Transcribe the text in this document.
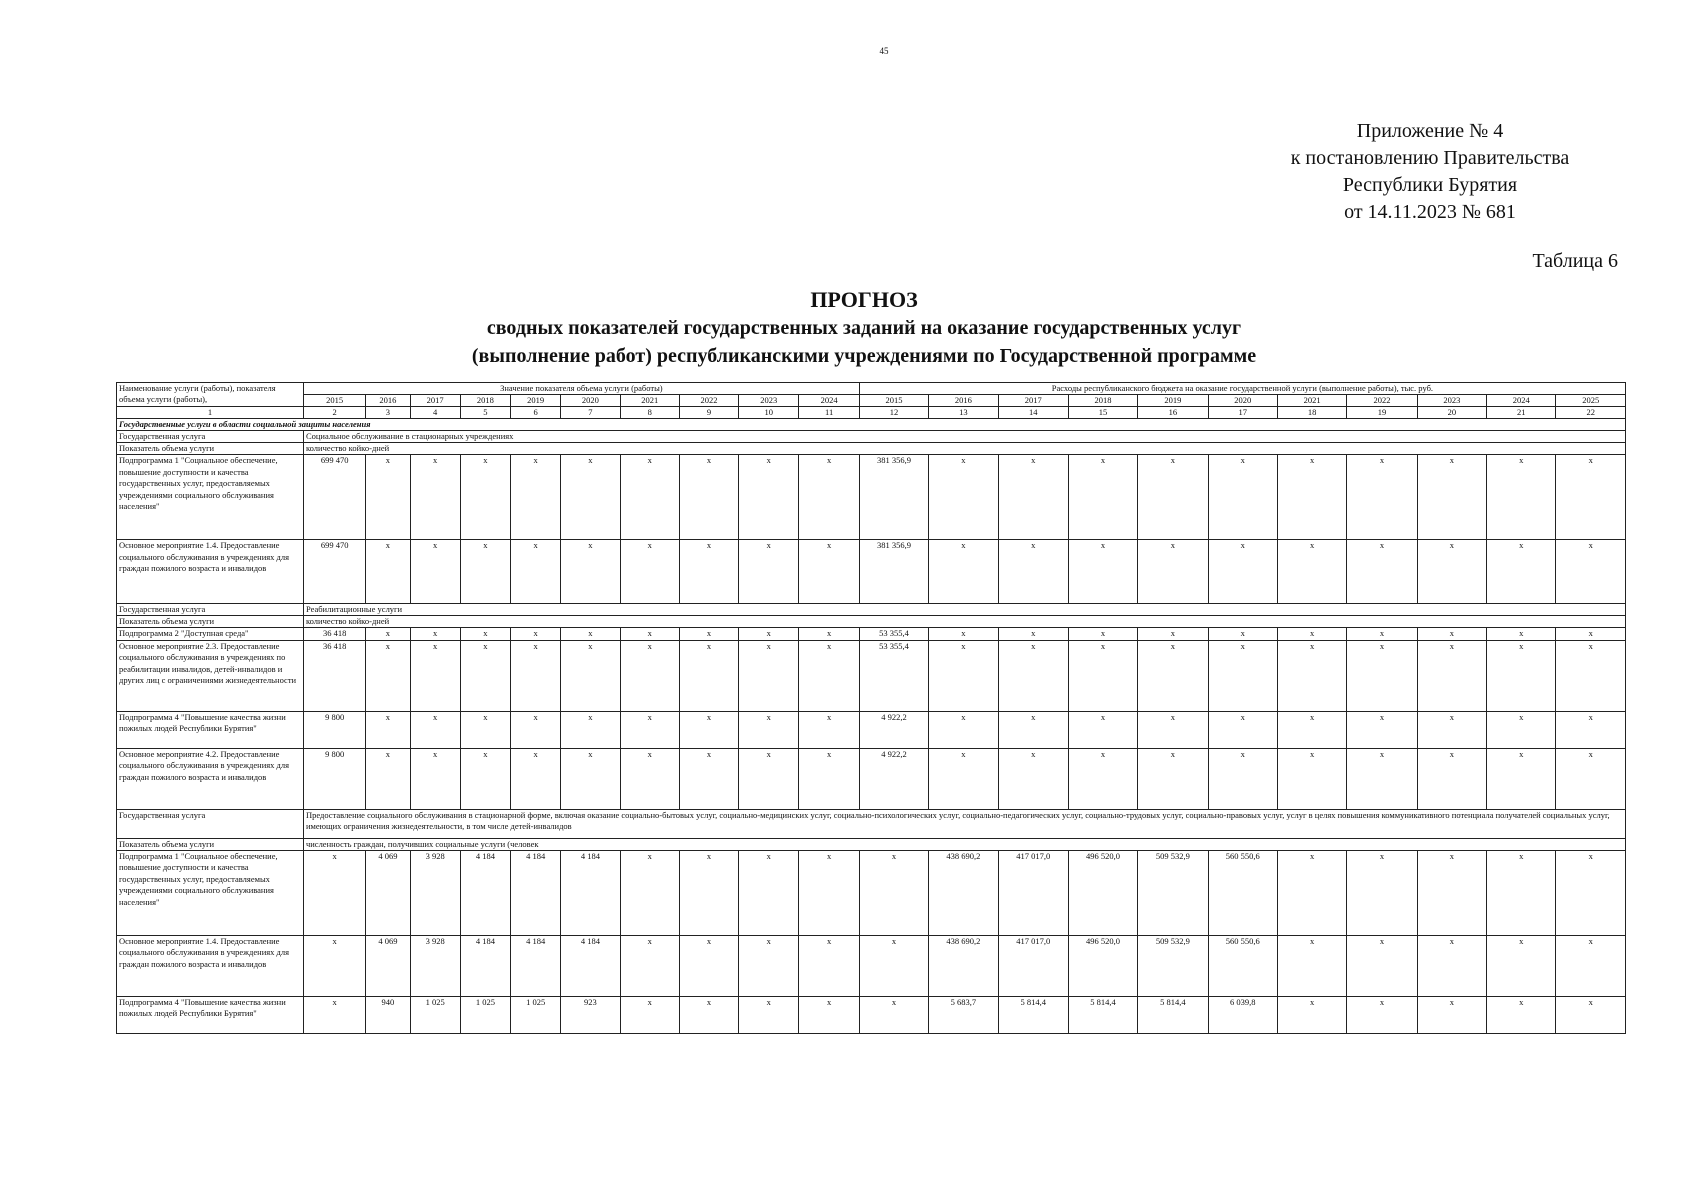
45
Приложение № 4
к постановлению Правительства
Республики Бурятия
от 14.11.2023 № 681
Таблица 6
ПРОГНОЗ
сводных показателей государственных заданий на оказание государственных услуг
(выполнение работ) республиканскими учреждениями по Государственной программе
Наименование услуги (работы), показателя объема услуги (работы),	Значение показателя объема услуги (работы)										Расходы республиканского бюджета на оказание государственной услуги (выполнение работы), тыс. руб.										
	2015	2016	2017	2018	2019	2020	2021	2022	2023	2024	2015	2016	2017	2018	2019	2020	2021	2022	2023	2024	2025
1	2	3	4	5	6	7	8	9	10	11	12	13	14	15	16	17	18	19	20	21	22
Государственные услуги в области социальной защиты населения																					
Государственная услуга	Социальное обслуживание в стационарных учреждениях																				
Показатель объема услуги	количество койко-дней																				
Подпрограмма 1 "Социальное обеспечение, повышение доступности и качества государственных услуг, предоставляемых учреждениями социального обслуживания населения"	699 470	x	x	x	x	x	x	x	x	x	381 356,9	x	x	x	x	x	x	x	x	x	x
Основное мероприятие 1.4. Предоставление социального обслуживания в учреждениях для граждан пожилого возраста и инвалидов	699 470	x	x	x	x	x	x	x	x	x	381 356,9	x	x	x	x	x	x	x	x	x	x
Государственная услуга	Реабилитационные услуги																				
Показатель объема услуги	количество койко-дней																				
Подпрограмма 2 "Доступная среда"	36 418	x	x	x	x	x	x	x	x	x	53 355,4	x	x	x	x	x	x	x	x	x	x
Основное мероприятие 2.3. Предоставление социального обслуживания в учреждениях по реабилитации инвалидов, детей-инвалидов и других лиц с ограничениями жизнедеятельности	36 418	x	x	x	x	x	x	x	x	x	53 355,4	x	x	x	x	x	x	x	x	x	x
Подпрограмма 4 "Повышение качества жизни пожилых людей Республики Бурятия"	9 800	x	x	x	x	x	x	x	x	x	4 922,2	x	x	x	x	x	x	x	x	x	x
Основное мероприятие 4.2. Предоставление социального обслуживания в учреждениях для граждан пожилого возраста и инвалидов	9 800	x	x	x	x	x	x	x	x	x	4 922,2	x	x	x	x	x	x	x	x	x	x
Государственная услуга	Предоставление социального обслуживания в стационарной форме, включая оказание социально-бытовых услуг, социально-медицинских услуг, социально-психологических услуг, социально-педагогических услуг, социально-трудовых услуг, социально-правовых услуг, услуг в целях повышения коммуникативного потенциала получателей социальных услуг, имеющих ограничения жизнедеятельности, в том числе детей-инвалидов																				
Показатель объема услуги	численность граждан, получивших социальные услуги (человек																				
Подпрограмма 1 "Социальное обеспечение, повышение доступности и качества государственных услуг, предоставляемых учреждениями социального обслуживания населения"	x	4 069	3 928	4 184	4 184	4 184	x	x	x	x	x	438 690,2	417 017,0	496 520,0	509 532,9	560 550,6	x	x	x	x	x
Основное мероприятие 1.4. Предоставление социального обслуживания в учреждениях для граждан пожилого возраста и инвалидов	x	4 069	3 928	4 184	4 184	4 184	x	x	x	x	x	438 690,2	417 017,0	496 520,0	509 532,9	560 550,6	x	x	x	x	x
Подпрограмма 4 "Повышение качества жизни пожилых людей Республики Бурятия"	x	940	1 025	1 025	1 025	923	x	x	x	x	x	5 683,7	5 814,4	5 814,4	5 814,4	6 039,8	x	x	x	x	x
